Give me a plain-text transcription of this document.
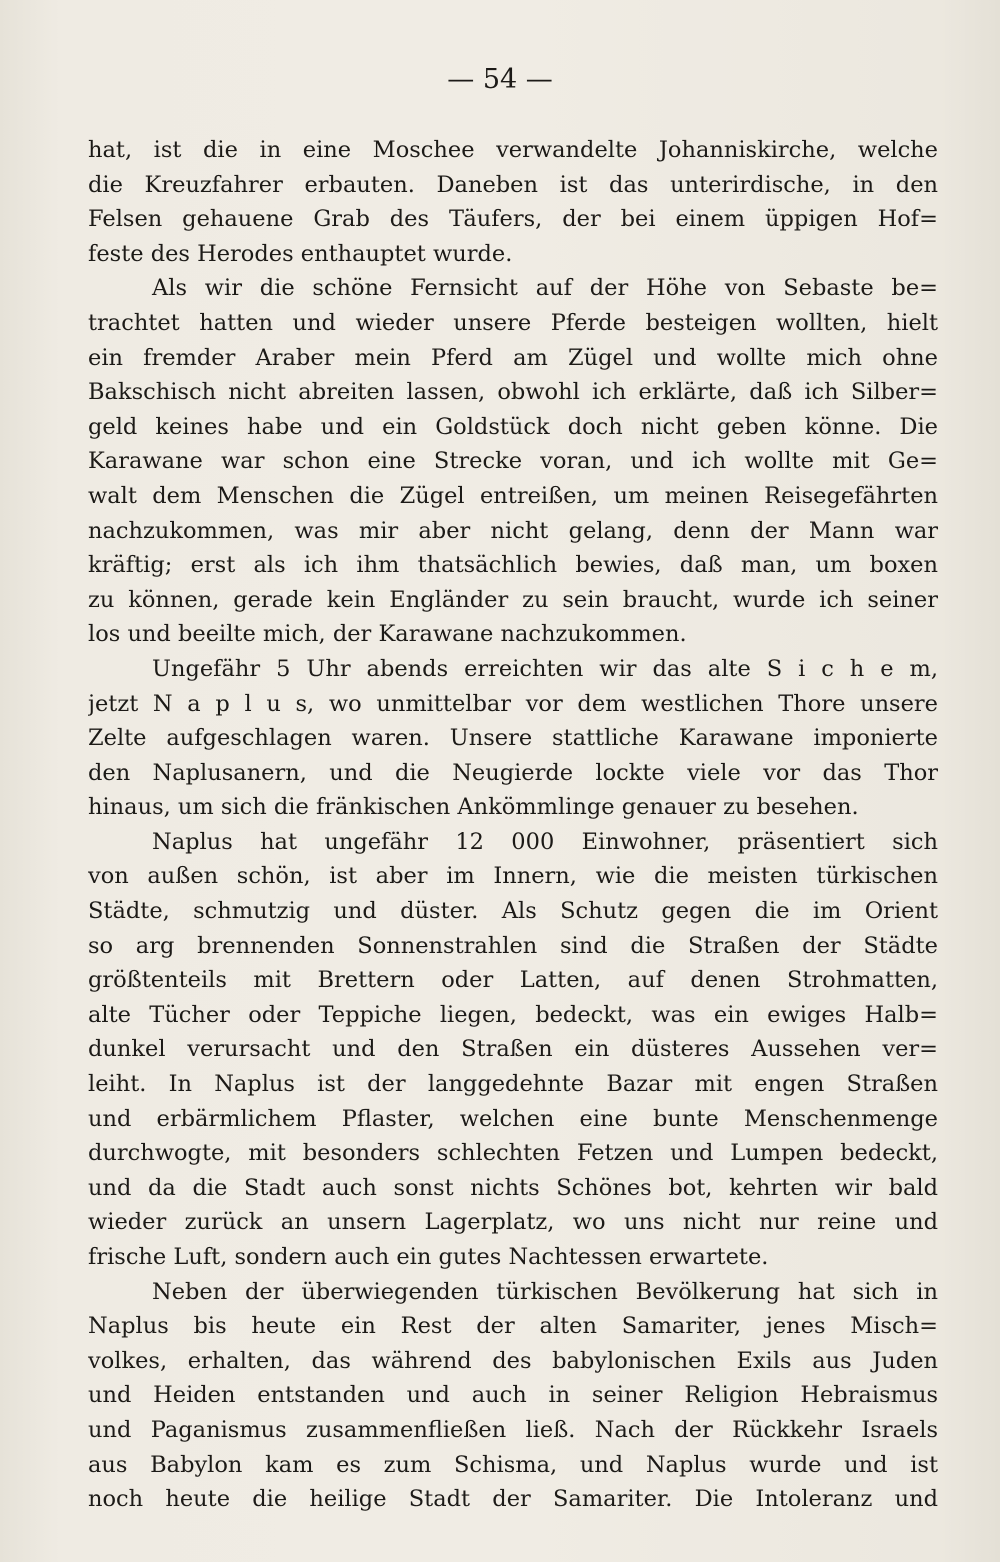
— 54 —
hat, ist die in eine Moschee verwandelte Johanniskirche, welche
die Kreuzfahrer erbauten. Daneben ist das unterirdische, in den
Felsen gehauene Grab des Täufers, der bei einem üppigen Hof=
feste des Herodes enthauptet wurde.
Als wir die schöne Fernsicht auf der Höhe von Sebaste be=
trachtet hatten und wieder unsere Pferde besteigen wollten, hielt
ein fremder Araber mein Pferd am Zügel und wollte mich ohne
Bakschisch nicht abreiten lassen, obwohl ich erklärte, daß ich Silber=
geld keines habe und ein Goldstück doch nicht geben könne. Die
Karawane war schon eine Strecke voran, und ich wollte mit Ge=
walt dem Menschen die Zügel entreißen, um meinen Reisegefährten
nachzukommen, was mir aber nicht gelang, denn der Mann war
kräftig; erst als ich ihm thatsächlich bewies, daß man, um boxen
zu können, gerade kein Engländer zu sein braucht, wurde ich seiner
los und beeilte mich, der Karawane nachzukommen.
Ungefähr 5 Uhr abends erreichten wir das alte S i c h e m,
jetzt N a p l u s, wo unmittelbar vor dem westlichen Thore unsere
Zelte aufgeschlagen waren. Unsere stattliche Karawane imponierte
den Naplusanern, und die Neugierde lockte viele vor das Thor
hinaus, um sich die fränkischen Ankömmlinge genauer zu besehen.
Naplus hat ungefähr 12 000 Einwohner, präsentiert sich
von außen schön, ist aber im Innern, wie die meisten türkischen
Städte, schmutzig und düster. Als Schutz gegen die im Orient
so arg brennenden Sonnenstrahlen sind die Straßen der Städte
größtenteils mit Brettern oder Latten, auf denen Strohmatten,
alte Tücher oder Teppiche liegen, bedeckt, was ein ewiges Halb=
dunkel verursacht und den Straßen ein düsteres Aussehen ver=
leiht. In Naplus ist der langgedehnte Bazar mit engen Straßen
und erbärmlichem Pflaster, welchen eine bunte Menschenmenge
durchwogte, mit besonders schlechten Fetzen und Lumpen bedeckt,
und da die Stadt auch sonst nichts Schönes bot, kehrten wir bald
wieder zurück an unsern Lagerplatz, wo uns nicht nur reine und
frische Luft, sondern auch ein gutes Nachtessen erwartete.
Neben der überwiegenden türkischen Bevölkerung hat sich in
Naplus bis heute ein Rest der alten Samariter, jenes Misch=
volkes, erhalten, das während des babylonischen Exils aus Juden
und Heiden entstanden und auch in seiner Religion Hebraismus
und Paganismus zusammenfließen ließ. Nach der Rückkehr Israels
aus Babylon kam es zum Schisma, und Naplus wurde und ist
noch heute die heilige Stadt der Samariter. Die Intoleranz und
